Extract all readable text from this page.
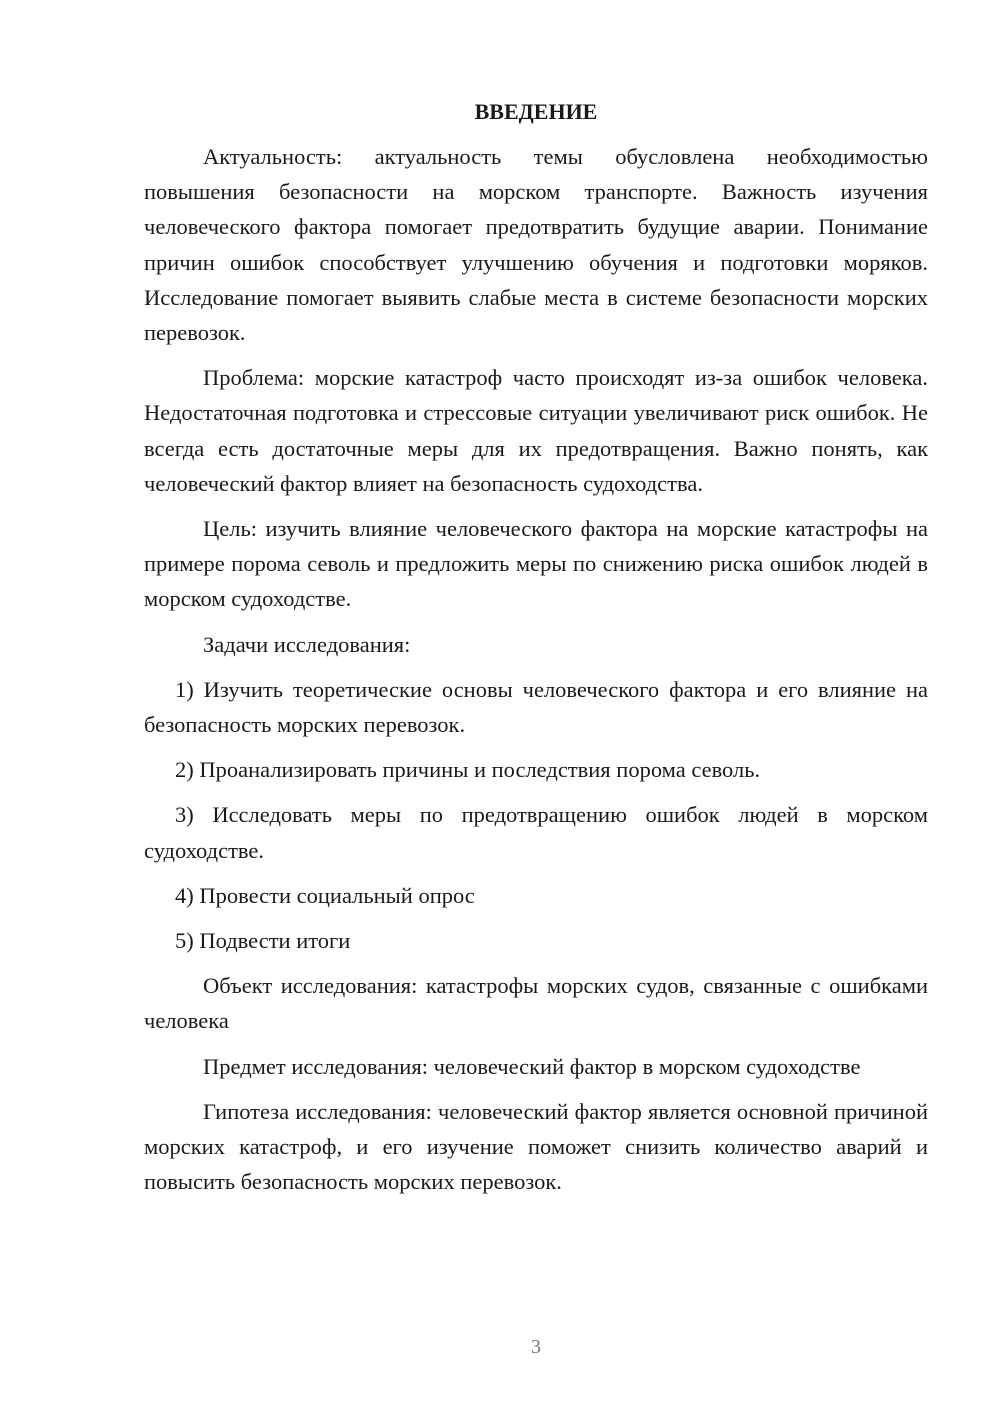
ВВЕДЕНИЕ

Актуальность: актуальность темы обусловлена необходимостью повышения безопасности на морском транспорте. Важность изучения человеческого фактора помогает предотвратить будущие аварии. Понимание причин ошибок способствует улучшению обучения и подготовки моряков. Исследование помогает выявить слабые места в системе безопасности морских перевозок.

Проблема: морские катастроф часто происходят из-за ошибок человека. Недостаточная подготовка и стрессовые ситуации увеличивают риск ошибок. Не всегда есть достаточные меры для их предотвращения. Важно понять, как человеческий фактор влияет на безопасность судоходства.

Цель: изучить влияние человеческого фактора на морские катастрофы на примере порома севоль и предложить меры по снижению риска ошибок людей в морском судоходстве.

Задачи исследования:

1) Изучить теоретические основы человеческого фактора и его влияние на безопасность морских перевозок.

2) Проанализировать причины и последствия порома севоль.

3) Исследовать меры по предотвращению ошибок людей в морском судоходстве.

4) Провести социальный опрос

5) Подвести итоги

Объект исследования: катастрофы морских судов, связанные с ошибками человека

Предмет исследования: человеческий фактор в морском судоходстве

Гипотеза исследования: человеческий фактор является основной причиной морских катастроф, и его изучение поможет снизить количество аварий и повысить безопасность морских перевозок.

3
